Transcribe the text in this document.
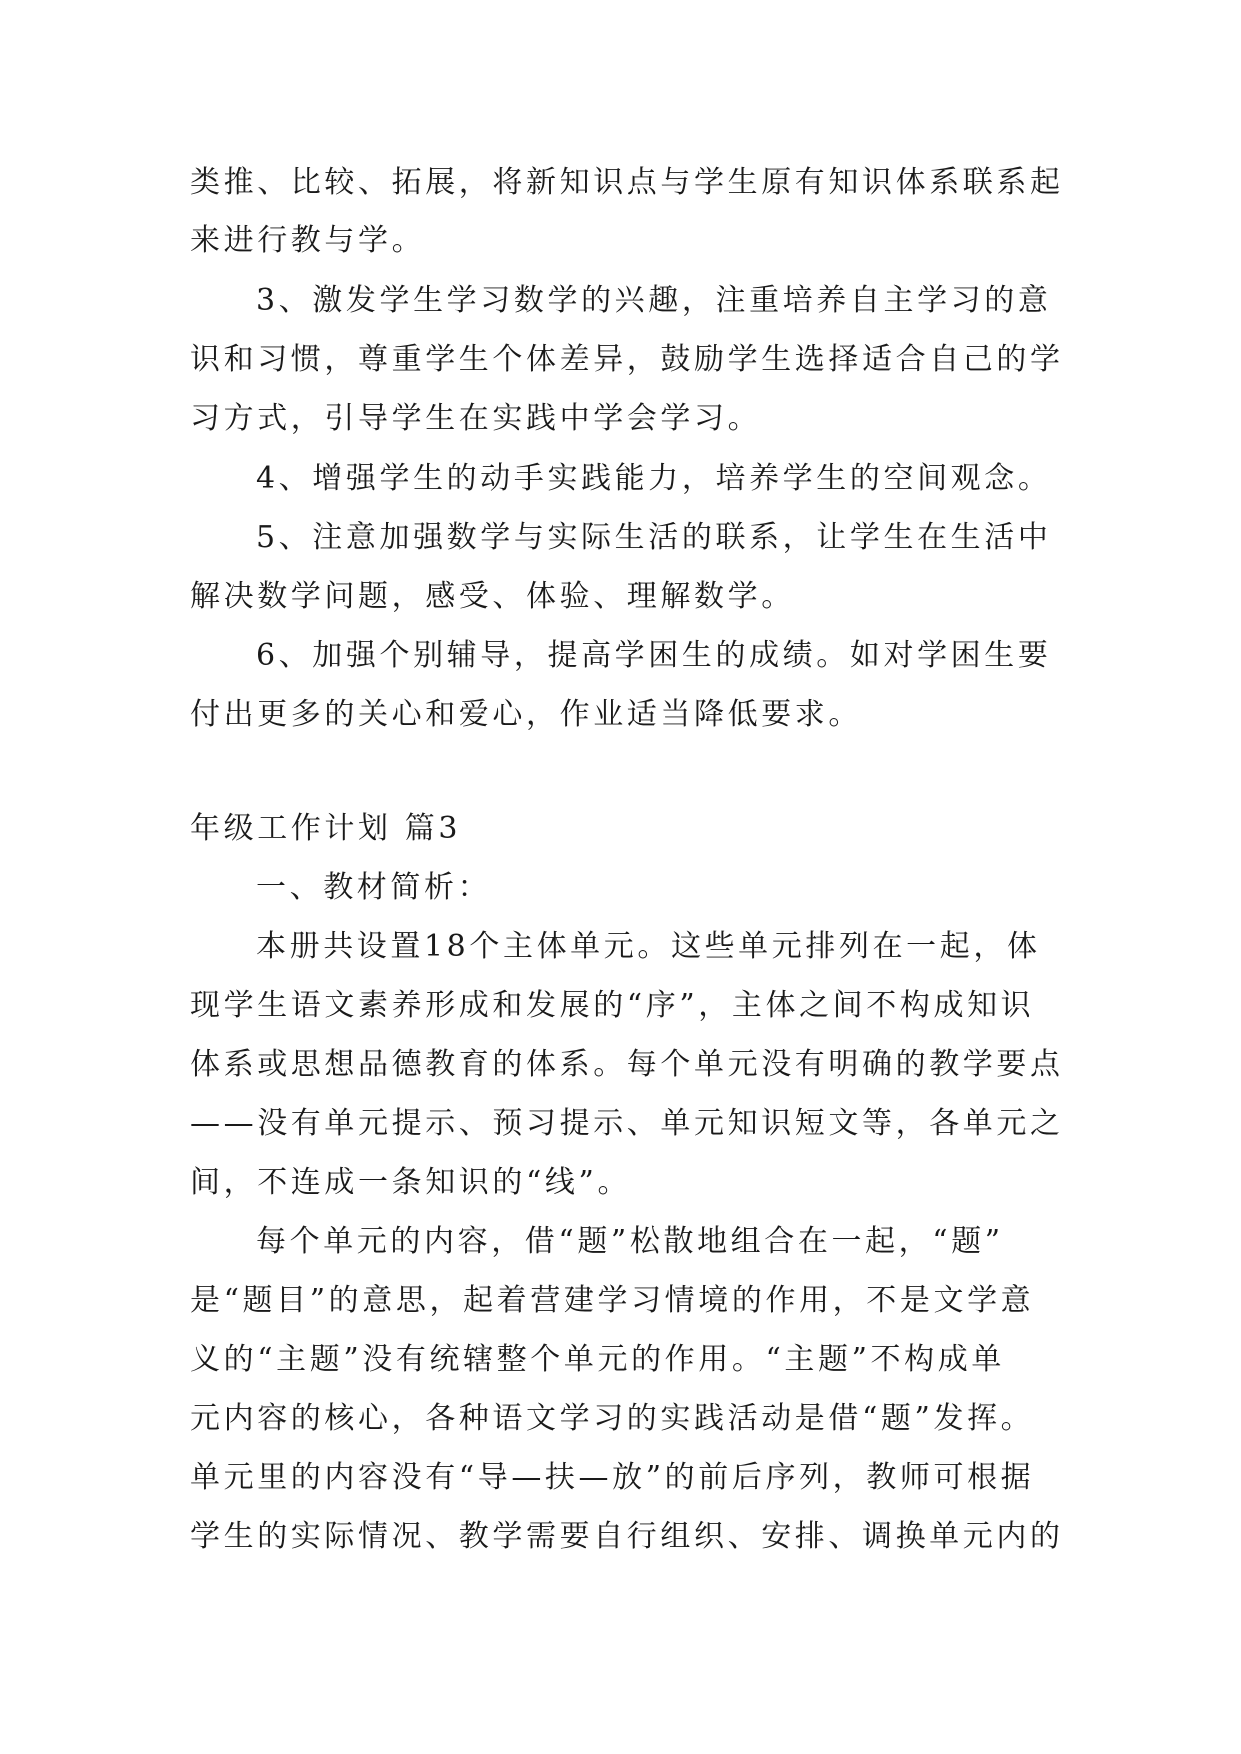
类推、比较、拓展，将新知识点与学生原有知识体系联系起
来进行教与学。
3、激发学生学习数学的兴趣，注重培养自主学习的意
识和习惯，尊重学生个体差异，鼓励学生选择适合自己的学
习方式，引导学生在实践中学会学习。
4、增强学生的动手实践能力，培养学生的空间观念。
5、注意加强数学与实际生活的联系，让学生在生活中
解决数学问题，感受、体验、理解数学。
6、加强个别辅导，提高学困生的成绩。如对学困生要
付出更多的关心和爱心，作业适当降低要求。
年级工作计划 篇3
一、教材简析：
本册共设置18个主体单元。这些单元排列在一起，体
现学生语文素养形成和发展的“序”，主体之间不构成知识
体系或思想品德教育的体系。每个单元没有明确的教学要点
——没有单元提示、预习提示、单元知识短文等，各单元之
间，不连成一条知识的“线”。
每个单元的内容，借“题”松散地组合在一起，“题”
是“题目”的意思，起着营建学习情境的作用，不是文学意
义的“主题”没有统辖整个单元的作用。“主题”不构成单
元内容的核心，各种语文学习的实践活动是借“题”发挥。
单元里的内容没有“导—扶—放”的前后序列，教师可根据
学生的实际情况、教学需要自行组织、安排、调换单元内的
